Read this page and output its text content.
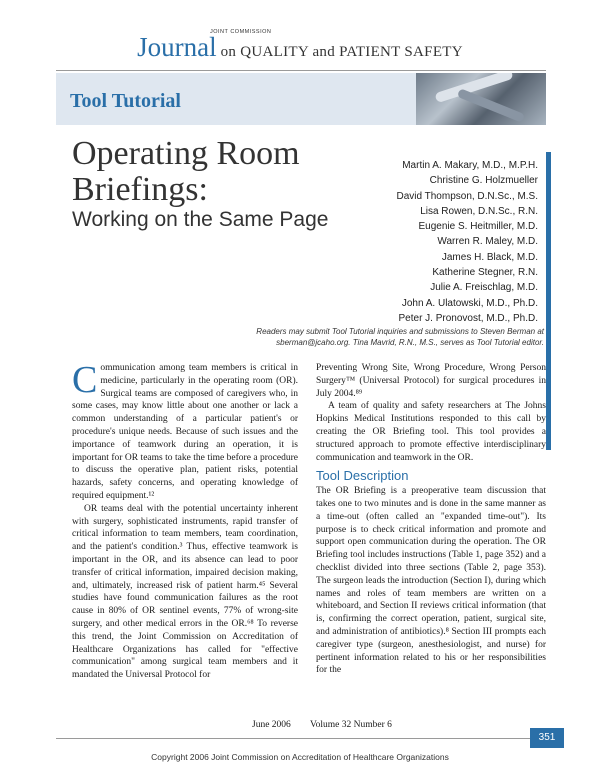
JOINT COMMISSION
Journal on QUALITY and PATIENT SAFETY
Tool Tutorial
Operating Room
Briefings:
Working on the Same Page
Martin A. Makary, M.D., M.P.H.
Christine G. Holzmueller
David Thompson, D.N.Sc., M.S.
Lisa Rowen, D.N.Sc., R.N.
Eugenie S. Heitmiller, M.D.
Warren R. Maley, M.D.
James H. Black, M.D.
Katherine Stegner, R.N.
Julie A. Freischlag, M.D.
John A. Ulatowski, M.D., Ph.D.
Peter J. Pronovost, M.D., Ph.D.
Readers may submit Tool Tutorial inquiries and submissions to Steven Berman at sberman@jcaho.org. Tina Mavrid, R.N., M.S., serves as Tool Tutorial editor.

Communication among team members is critical in medicine, particularly in the operating room (OR). Surgical teams are composed of caregivers who, in some cases, may know little about one another or lack a common understanding of a particular patient's or procedure's unique needs. Because of such issues and the importance of teamwork during an operation, it is important for OR teams to take the time before a procedure to discuss the operative plan, patient risks, potential hazards, safety concerns, and operating knowledge of required equipment.¹²

OR teams deal with the potential uncertainty inherent with surgery, sophisticated instruments, rapid transfer of critical information to team members, team coordination, and the patient's condition.³ Thus, effective teamwork is important in the OR, and its absence can lead to poor transfer of critical information, impaired decision making, and, ultimately, increased risk of patient harm.⁴⁵ Several studies have found communication failures as the root cause in 80% of OR sentinel events, 77% of wrong-site surgery, and other medical errors in the OR.⁶⁸ To reverse this trend, the Joint Commission on Accreditation of Healthcare Organizations has called for "effective communication" among surgical team members and it mandated the Universal Protocol for

Preventing Wrong Site, Wrong Procedure, Wrong Person Surgery™ (Universal Protocol) for surgical procedures in July 2004.⁸⁹

A team of quality and safety researchers at The Johns Hopkins Medical Institutions responded to this call by creating the OR Briefing tool. This tool provides a structured approach to promote effective interdisciplinary communication and teamwork in the OR.

Tool Description

The OR Briefing is a preoperative team discussion that takes one to two minutes and is done in the same manner as a time-out (often called an "expanded time-out"). Its purpose is to check critical information and promote and support open communication during the operation. The OR Briefing tool includes instructions (Table 1, page 352) and a checklist divided into three sections (Table 2, page 353). The surgeon leads the introduction (Section I), during which names and roles of team members are written on a whiteboard, and Section II reviews critical information (that is, confirming the correct operation, patient, surgical site, and administration of antibiotics).⁸ Section III prompts each caregiver type (surgeon, anesthesiologist, and nurse) for pertinent information related to his or her responsibilities for the

June 2006 Volume 32 Number 6
351
Copyright 2006 Joint Commission on Accreditation of Healthcare Organizations
